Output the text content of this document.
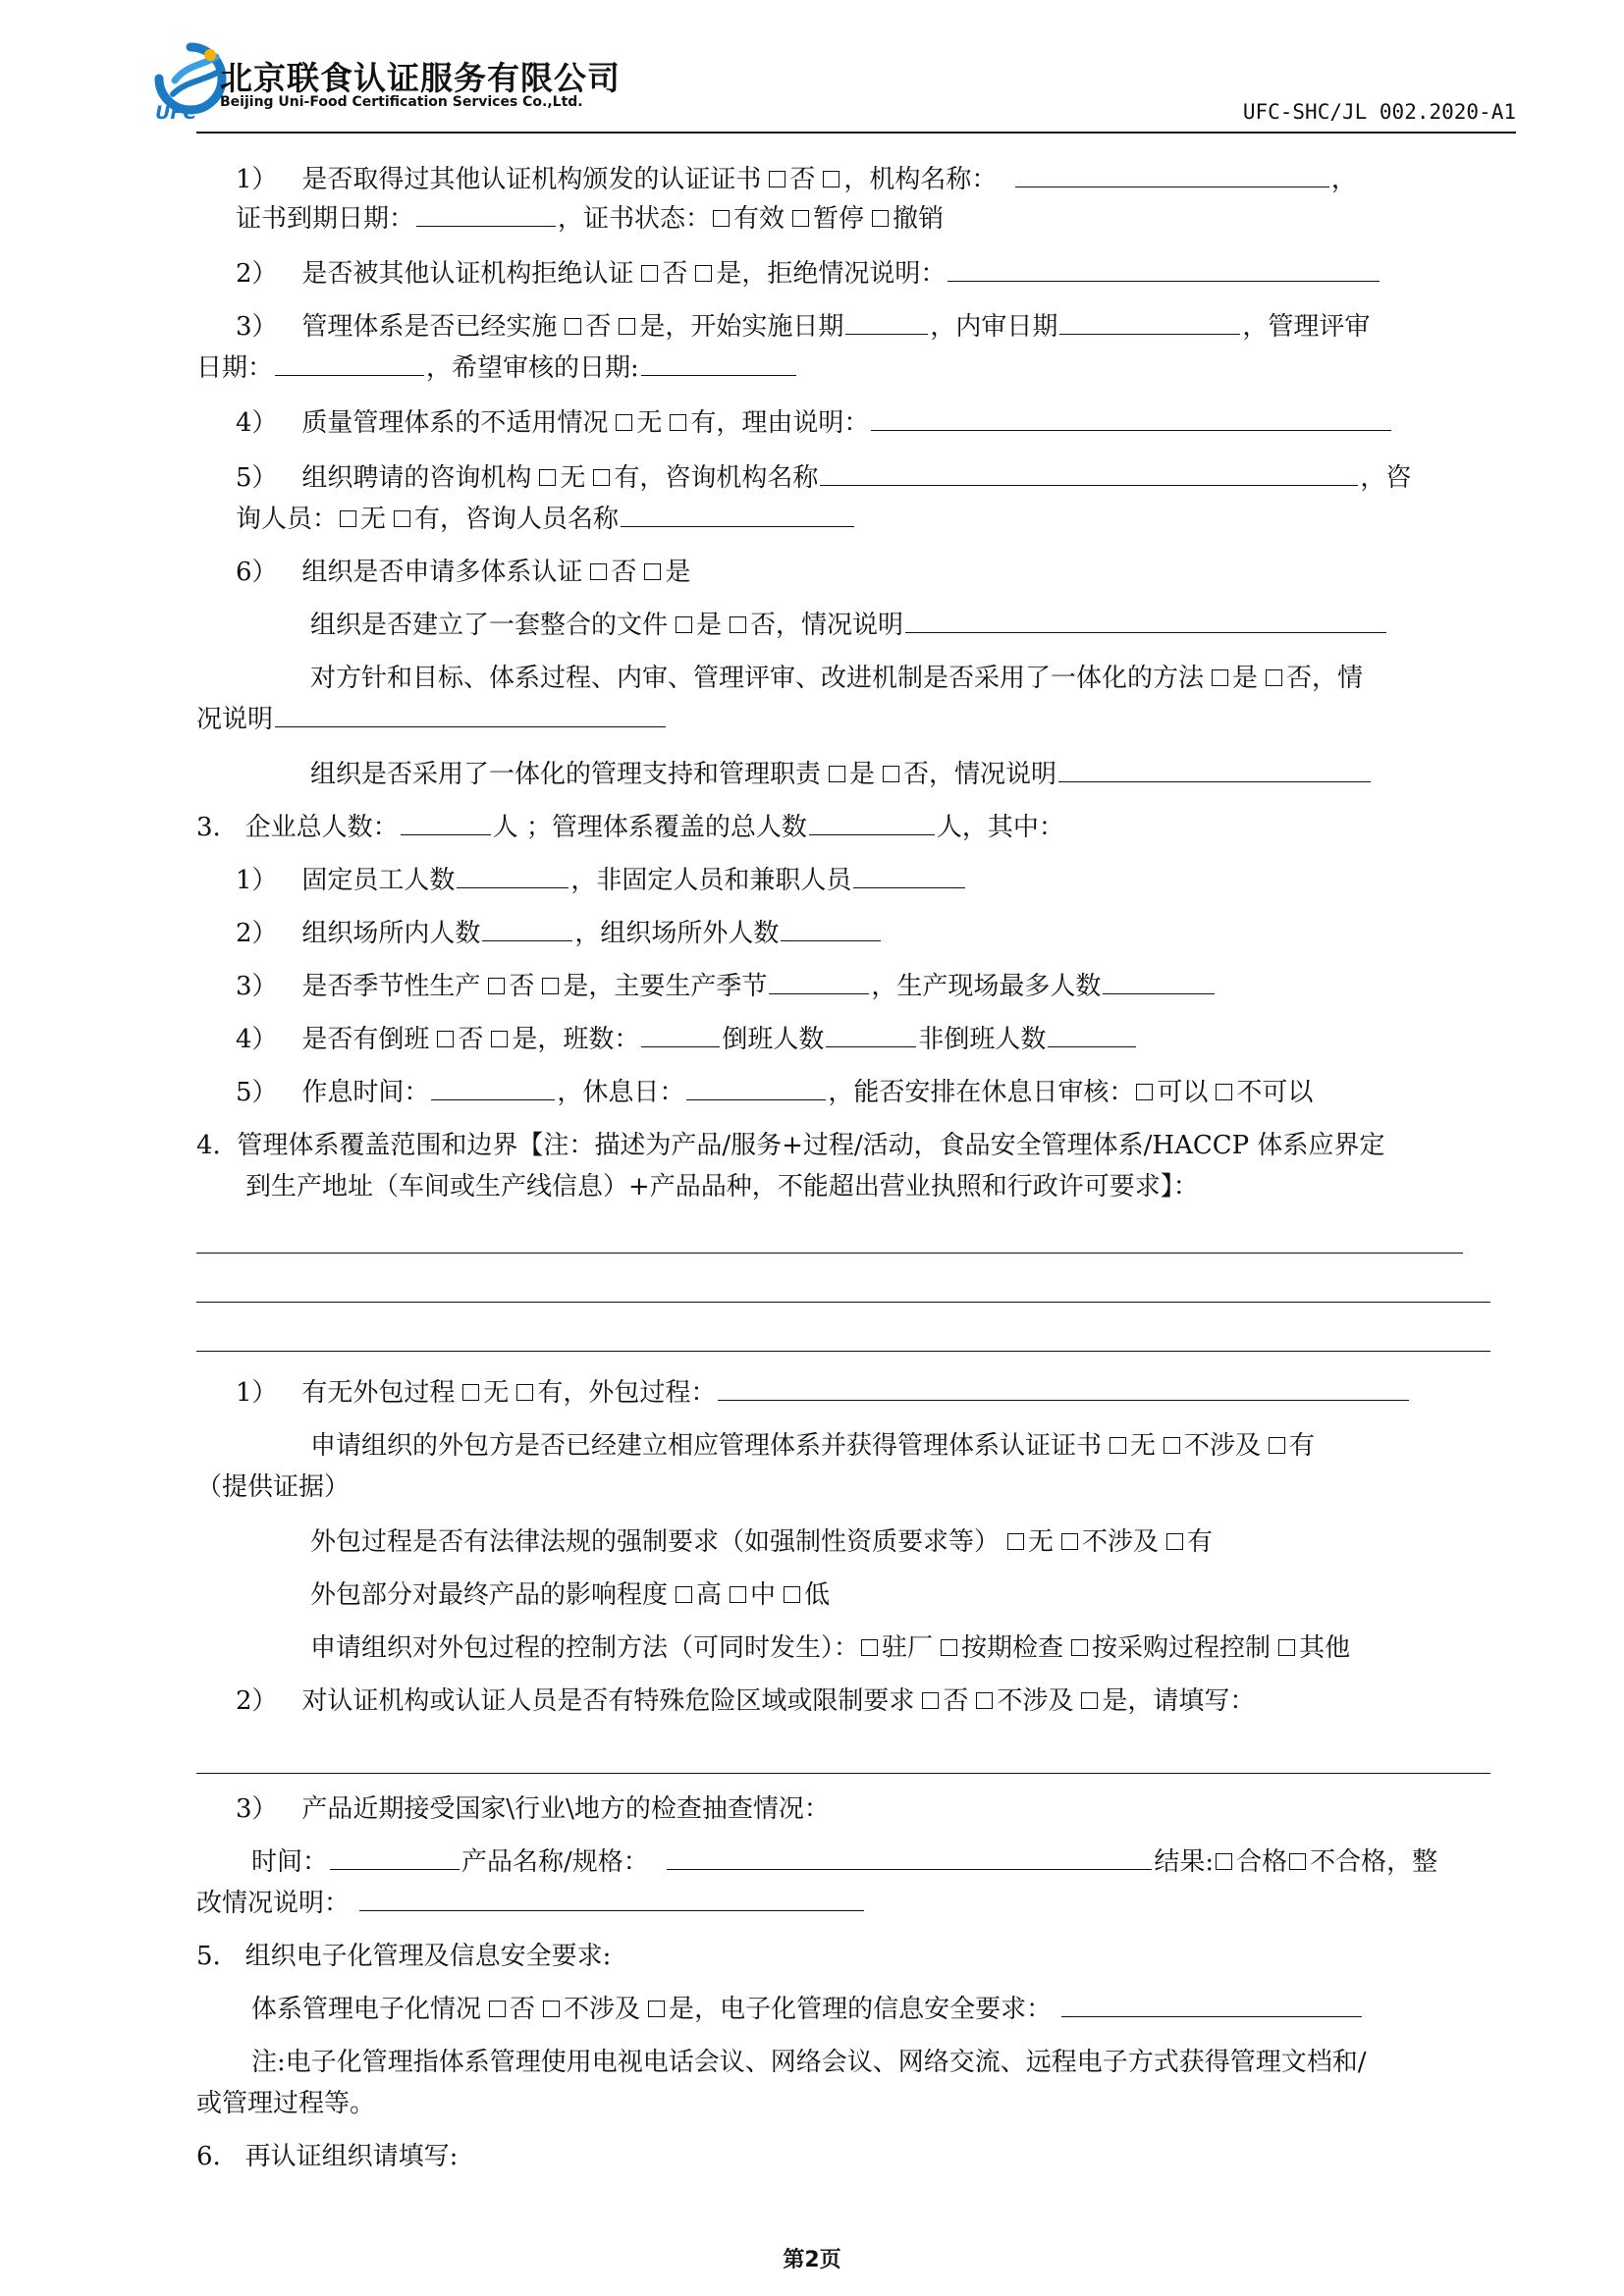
UFC
北京联食认证服务有限公司
Beijing Uni-Food Certification Services Co.,Ltd.	UFC-SHC/JL 002.2020-A1
1） 是否取得过其他认证机构颁发的认证证书 否 ，机构名称：	，
证书到期日期：	，证书状态： 有效 暂停 撤销
2） 是否被其他认证机构拒绝认证 否 是，拒绝情况说明：
3） 管理体系是否已经实施 否 是，开始实施日期	，内审日期	，管理评审
日期：	，希望审核的日期:
4） 质量管理体系的不适用情况 无 有，理由说明：
5） 组织聘请的咨询机构 无 有，咨询机构名称	，咨
询人员： 无 有，咨询人员名称
6） 组织是否申请多体系认证 否 是
组织是否建立了一套整合的文件 是 否，情况说明
对方针和目标、体系过程、内审、管理评审、改进机制是否采用了一体化的方法 是 否，情
况说明
组织是否采用了一体化的管理支持和管理职责 是 否，情况说明
3. 企业总人数：	人 ；管理体系覆盖的总人数	人，其中：
1） 固定员工人数	，非固定人员和兼职人员
2） 组织场所内人数	，组织场所外人数
3） 是否季节性生产 否 是，主要生产季节	，生产现场最多人数
4） 是否有倒班 否 是，班数：	倒班人数	非倒班人数
5） 作息时间：	，休息日：	，能否安排在休息日审核： 可以 不可以
4. 管理体系覆盖范围和边界【注：描述为产品/服务+过程/活动，食品安全管理体系/HACCP 体系应界定
到生产地址（车间或生产线信息）+产品品种，不能超出营业执照和行政许可要求】：
1） 有无外包过程 无 有，外包过程：
申请组织的外包方是否已经建立相应管理体系并获得管理体系认证证书 无 不涉及 有
（提供证据）
外包过程是否有法律法规的强制要求（如强制性资质要求等） 无 不涉及 有
外包部分对最终产品的影响程度 高 中 低
申请组织对外包过程的控制方法（可同时发生）： 驻厂 按期检查 按采购过程控制 其他
2） 对认证机构或认证人员是否有特殊危险区域或限制要求 否 不涉及 是，请填写：
3） 产品近期接受国家\行业\地方的检查抽查情况：
时间：	产品名称/规格：	结果: 合格 不合格，整
改情况说明：
5. 组织电子化管理及信息安全要求:
体系管理电子化情况 否 不涉及 是，电子化管理的信息安全要求：
注:电子化管理指体系管理使用电视电话会议、网络会议、网络交流、远程电子方式获得管理文档和/
或管理过程等。
6. 再认证组织请填写:
第2页
